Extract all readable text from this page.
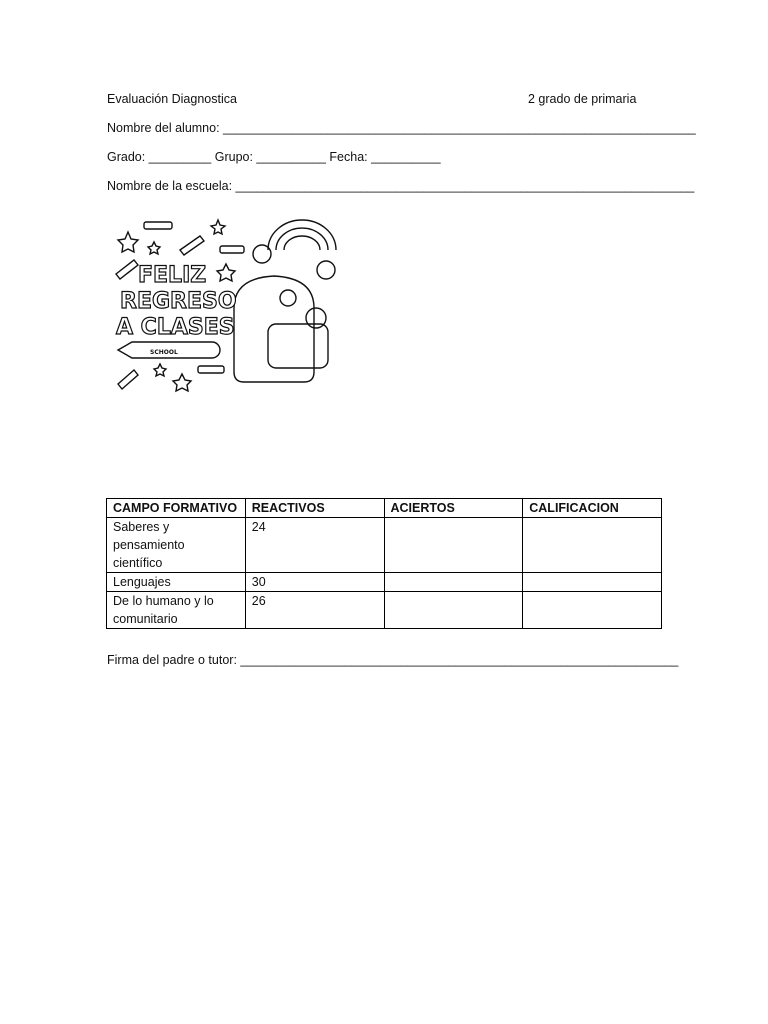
Evaluación Diagnostica	2 grado de primaria
Nombre del alumno: ____________________________________________________________________
Grado: _________ Grupo: __________ Fecha: __________
Nombre de la escuela: __________________________________________________________________
FELIZ
REGRESO
A CLASES
SCHOOL
CAMPO FORMATIVO	REACTIVOS	ACIERTOS	CALIFICACION

Saberes y pensamiento científico	24		

Lenguajes	30		

De lo humano y lo comunitario	26		
Firma del padre o tutor: _______________________________________________________________
